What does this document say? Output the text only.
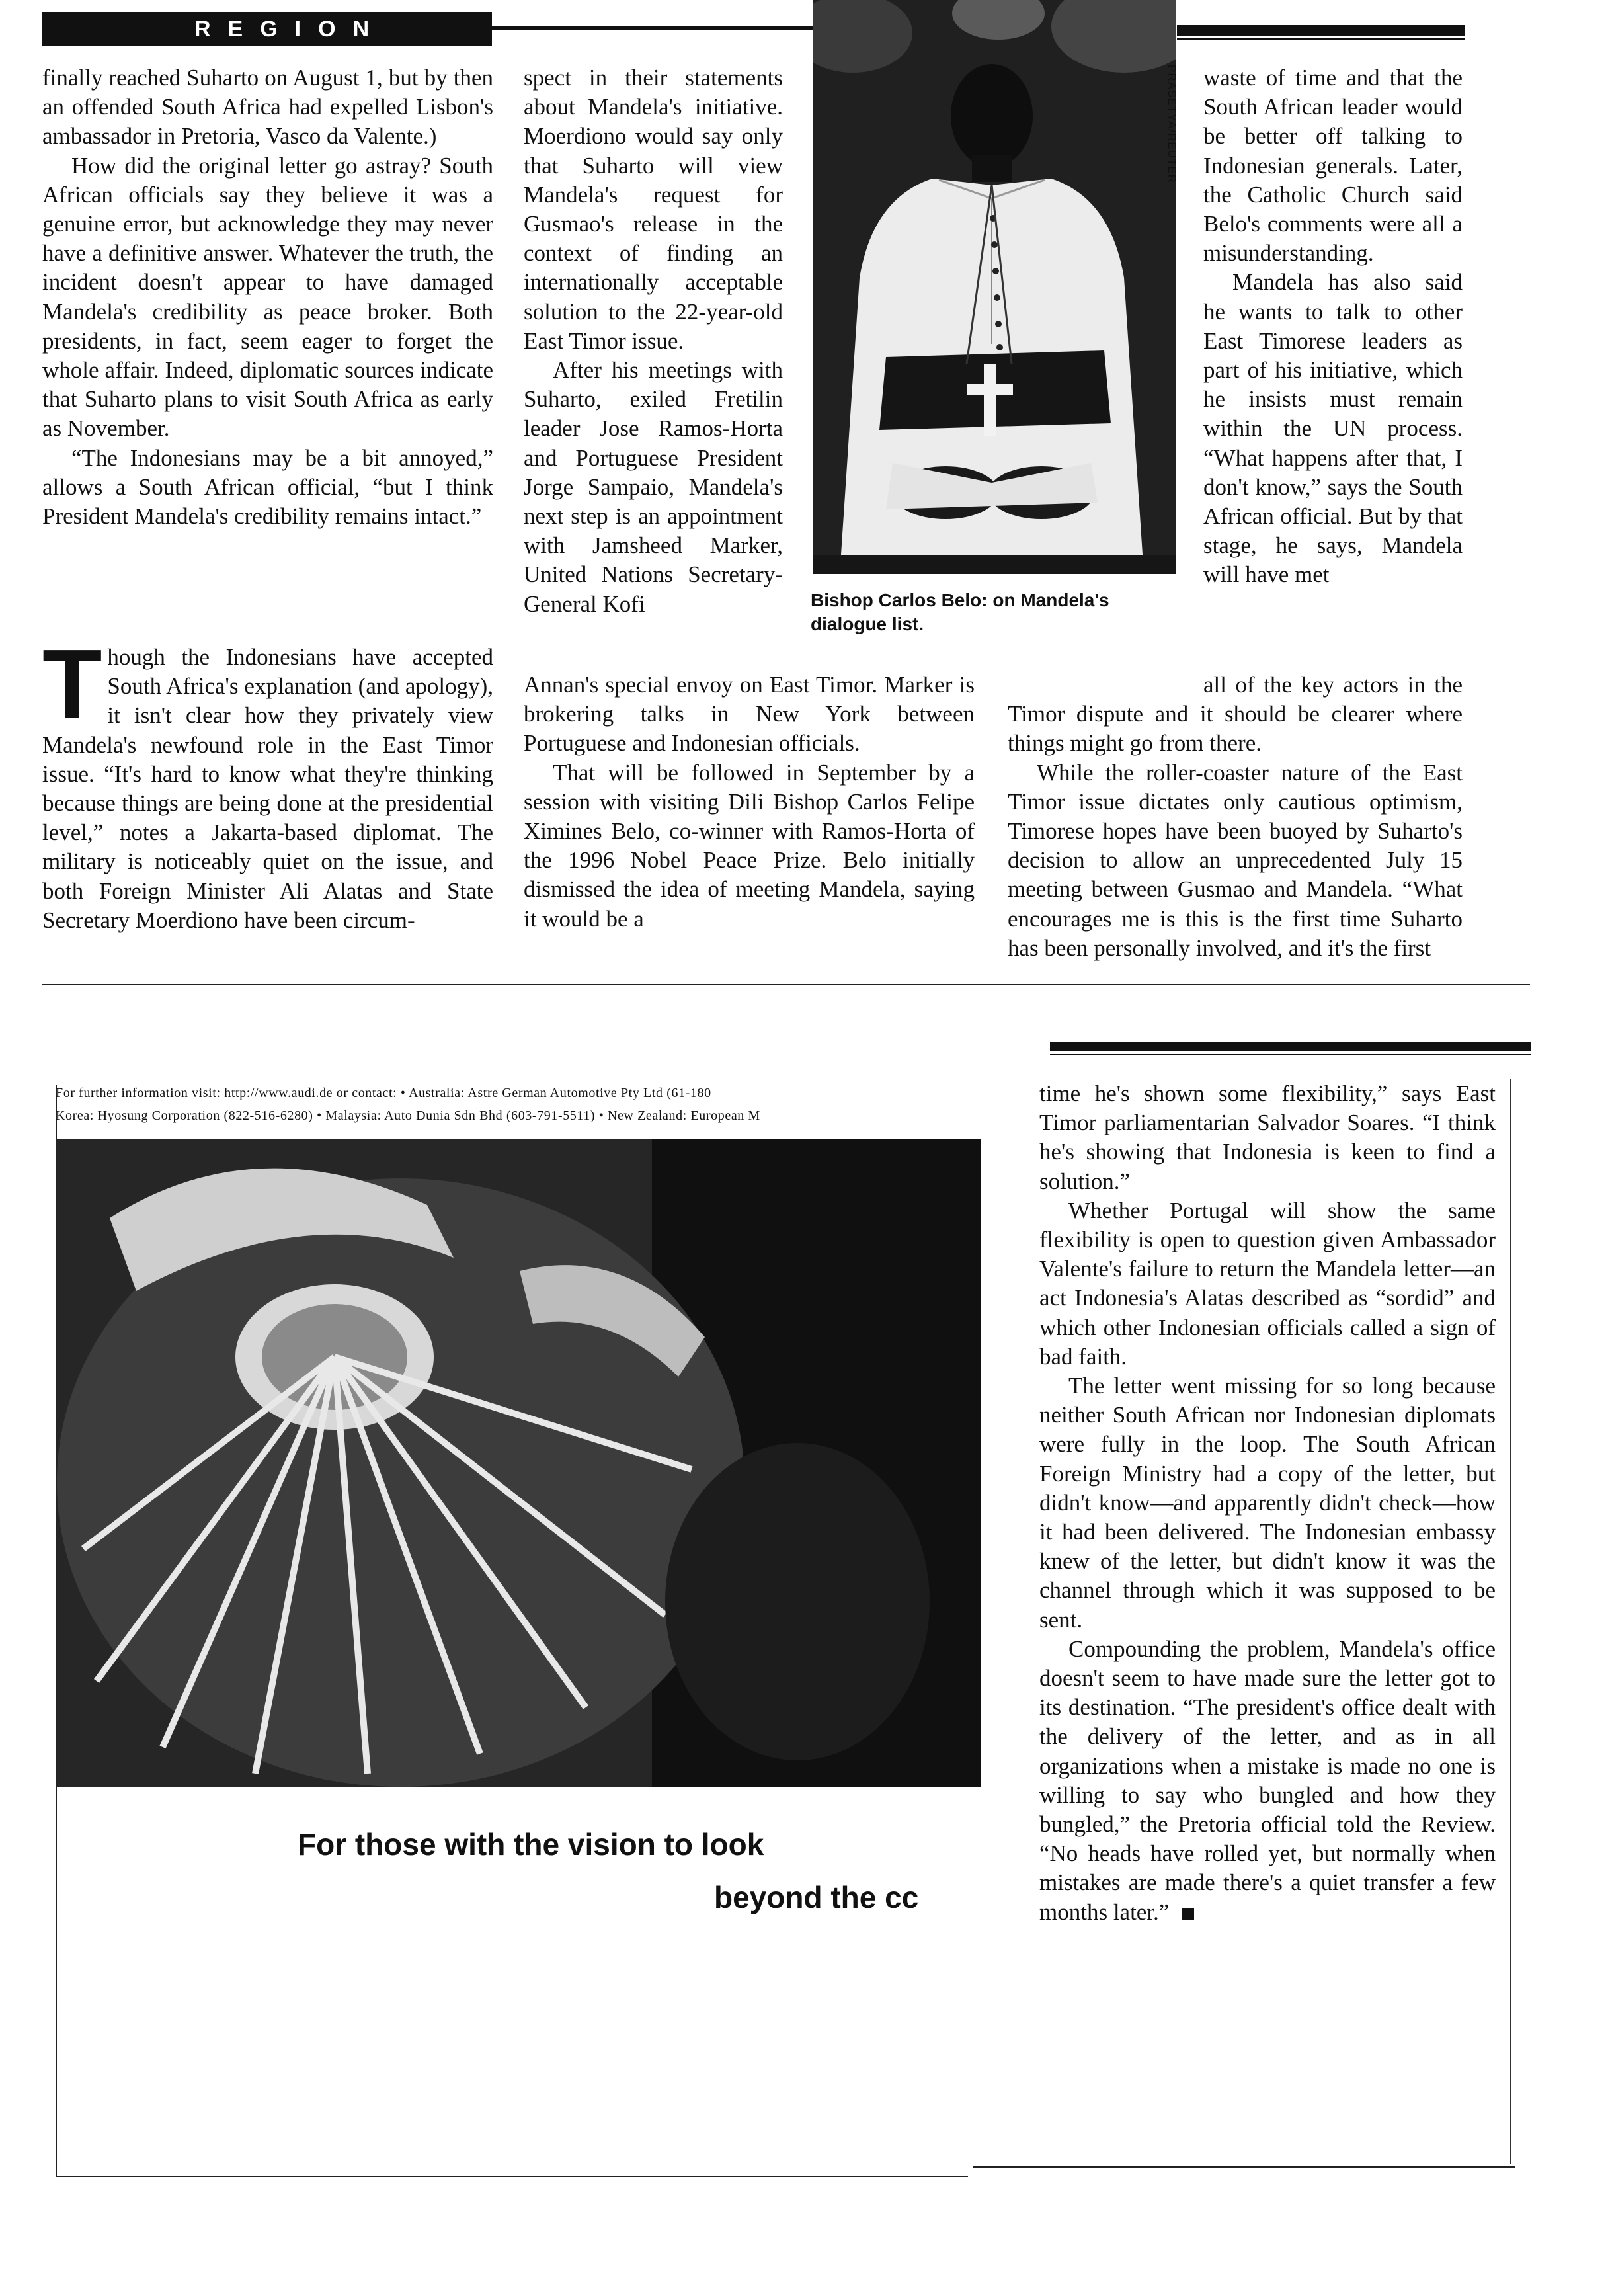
REGION

finally reached Suharto on August 1, but by then an offended South Africa had expelled Lisbon's ambassador in Pretoria, Vasco da Valente.)

How did the original letter go astray? South African officials say they believe it was a genuine error, but acknowledge they may never have a definitive answer. Whatever the truth, the incident doesn't appear to have damaged Mandela's credibility as peace broker. Both presidents, in fact, seem eager to forget the whole affair. Indeed, diplomatic sources indicate that Suharto plans to visit South Africa as early as November.

“The Indonesians may be a bit annoyed,” allows a South African official, “but I think President Mandela's credibility remains intact.”

T hough the Indonesians have accepted South Africa's explanation (and apology), it isn't clear how they privately view Mandela's newfound role in the East Timor issue. “It's hard to know what they're thinking because things are being done at the presidential level,” notes a Jakarta-based diplomat. The military is noticeably quiet on the issue, and both Foreign Minister Ali Alatas and State Secretary Moerdiono have been circum-

spect in their statements about Mandela's initiative. Moerdiono would say only that Suharto will view Mandela's request for Gusmao's release in the context of finding an internationally acceptable solution to the 22-year-old East Timor issue.

After his meetings with Suharto, exiled Fretilin leader Jose Ramos-Horta and Portuguese President Jorge Sampaio, Mandela's next step is an appointment with Jamsheed Marker, United Nations Secretary-General Kofi

Annan's special envoy on East Timor. Marker is brokering talks in New York between Portuguese and Indonesian officials.

That will be followed in September by a session with visiting Dili Bishop Carlos Felipe Ximines Belo, co-winner with Ramos-Horta of the 1996 Nobel Peace Prize. Belo initially dismissed the idea of meeting Mandela, saying it would be a

PRASETYA/REUTER
Bishop Carlos Belo: on Mandela's dialogue list.

waste of time and that the South African leader would be better off talking to Indonesian generals. Later, the Catholic Church said Belo's comments were all a misunderstanding.

Mandela has also said he wants to talk to other East Timorese leaders as part of his initiative, which he insists must remain within the UN process. “What happens after that, I don't know,” says the South African official. But by that stage, he says, Mandela will have met

all of the key actors in the Timor dispute and it should be clearer where things might go from there.

While the roller-coaster nature of the East Timor issue dictates only cautious optimism, Timorese hopes have been buoyed by Suharto's decision to allow an unprecedented July 15 meeting between Gusmao and Mandela. “What encourages me is this is the first time Suharto has been personally involved, and it's the first

For further information visit: http://www.audi.de or contact: • Australia: Astre German Automotive Pty Ltd (61-180
Korea: Hyosung Corporation (822-516-6280) • Malaysia: Auto Dunia Sdn Bhd (603-791-5511) • New Zealand: European M
For those with the vision to look
beyond the cc

time he's shown some flexibility,” says East Timor parliamentarian Salvador Soares. “I think he's showing that Indonesia is keen to find a solution.”

Whether Portugal will show the same flexibility is open to question given Ambassador Valente's failure to return the Mandela letter—an act Indonesia's Alatas described as “sordid” and which other Indonesian officials called a sign of bad faith.

The letter went missing for so long because neither South African nor Indonesian diplomats were fully in the loop. The South African Foreign Ministry had a copy of the letter, but didn't know—and apparently didn't check—how it had been delivered. The Indonesian embassy knew of the letter, but didn't know it was the channel through which it was supposed to be sent.

Compounding the problem, Mandela's office doesn't seem to have made sure the letter got to its destination. “The president's office dealt with the delivery of the letter, and as in all organizations when a mistake is made no one is willing to say who bungled and how they bungled,” the Pretoria official told the Review. “No heads have rolled yet, but normally when mistakes are made there's a quiet transfer a few months later.”
